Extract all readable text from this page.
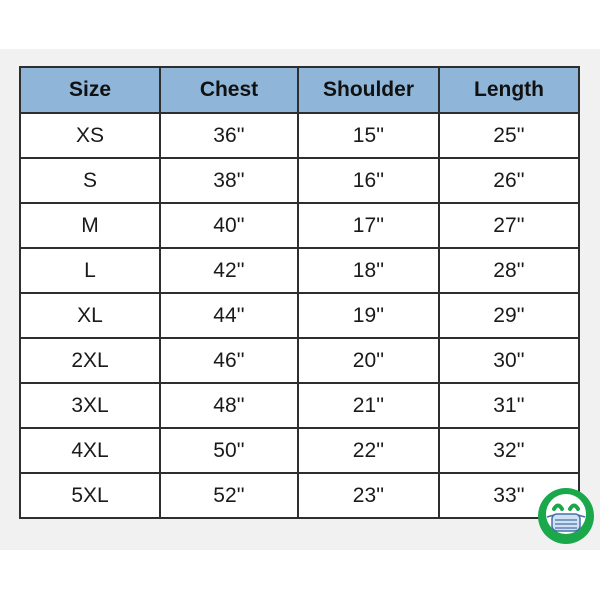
Size	Chest	Shoulder	Length
XS	36''	15''	25''
S	38''	16''	26''
M	40''	17''	27''
L	42''	18''	28''
XL	44''	19''	29''
2XL	46''	20''	30''
3XL	48''	21''	31''
4XL	50''	22''	32''
5XL	52''	23''	33''
